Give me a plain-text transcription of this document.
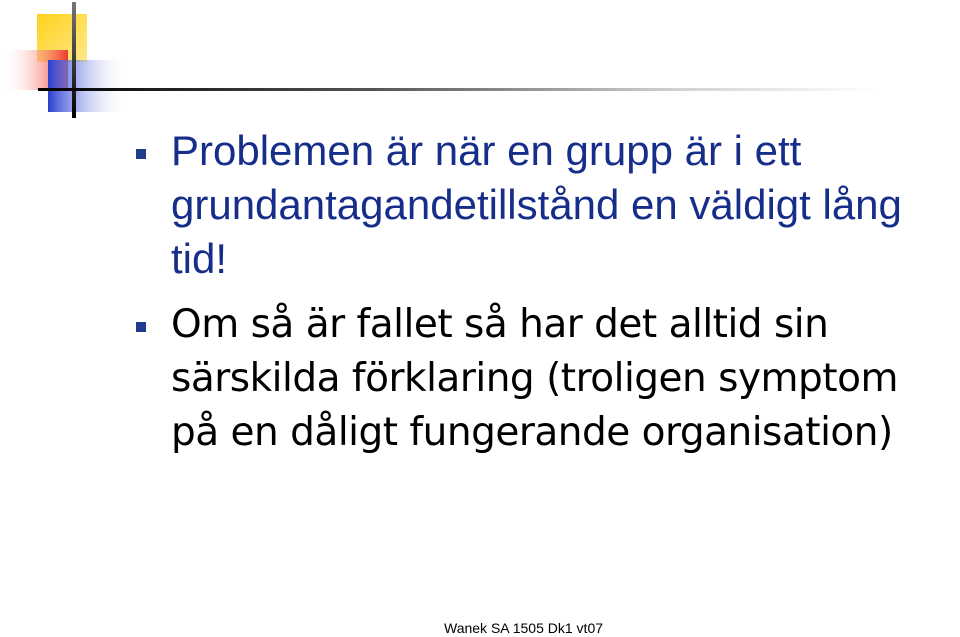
Problemen är när en grupp är i ett
grundantagandetillstånd en väldigt lång
tid!

Om så är fallet så har det alltid sin
särskilda förklaring (troligen symptom
på en dåligt fungerande organisation)

Wanek SA 1505 Dk1 vt07
